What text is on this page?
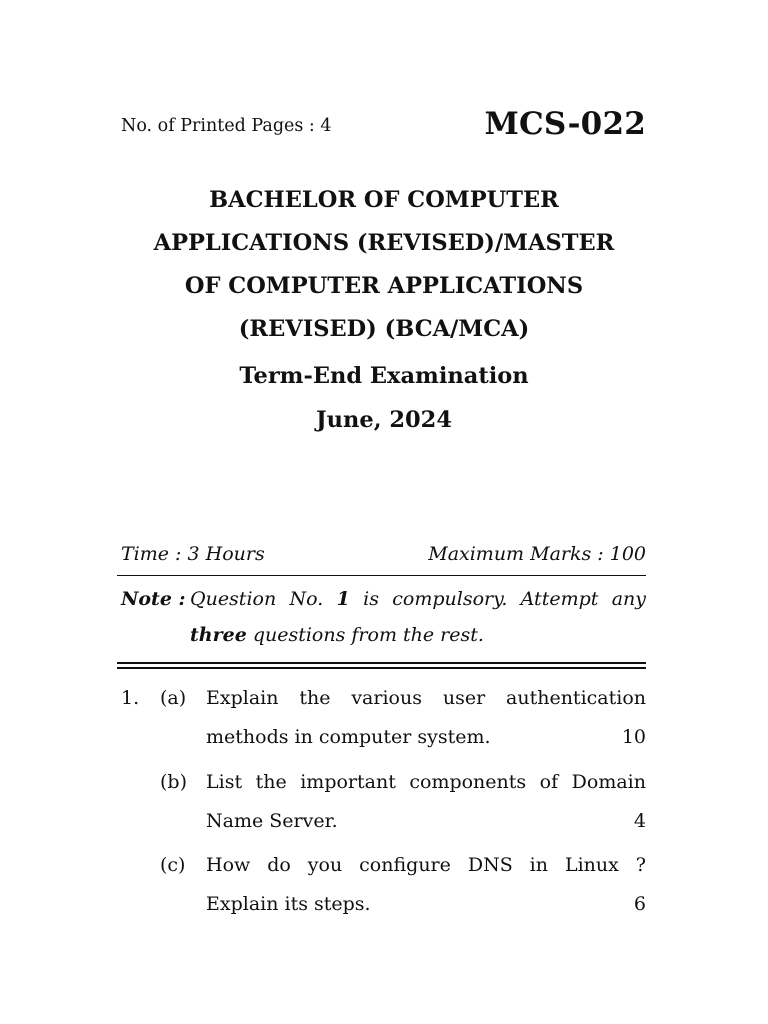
No. of Printed Pages : 4	MCS-022
BACHELOR OF COMPUTER
APPLICATIONS (REVISED)/MASTER
OF COMPUTER APPLICATIONS
(REVISED) (BCA/MCA)
Term-End Examination
June, 2024
Time : 3 Hours	Maximum Marks : 100
Note : Question No. 1 is compulsory. Attempt any
three questions from the rest.
1. (a) Explain the various user authentication
methods in computer system.	10
(b) List the important components of Domain
Name Server.	4
(c) How do you configure DNS in Linux ?
Explain its steps.	6
